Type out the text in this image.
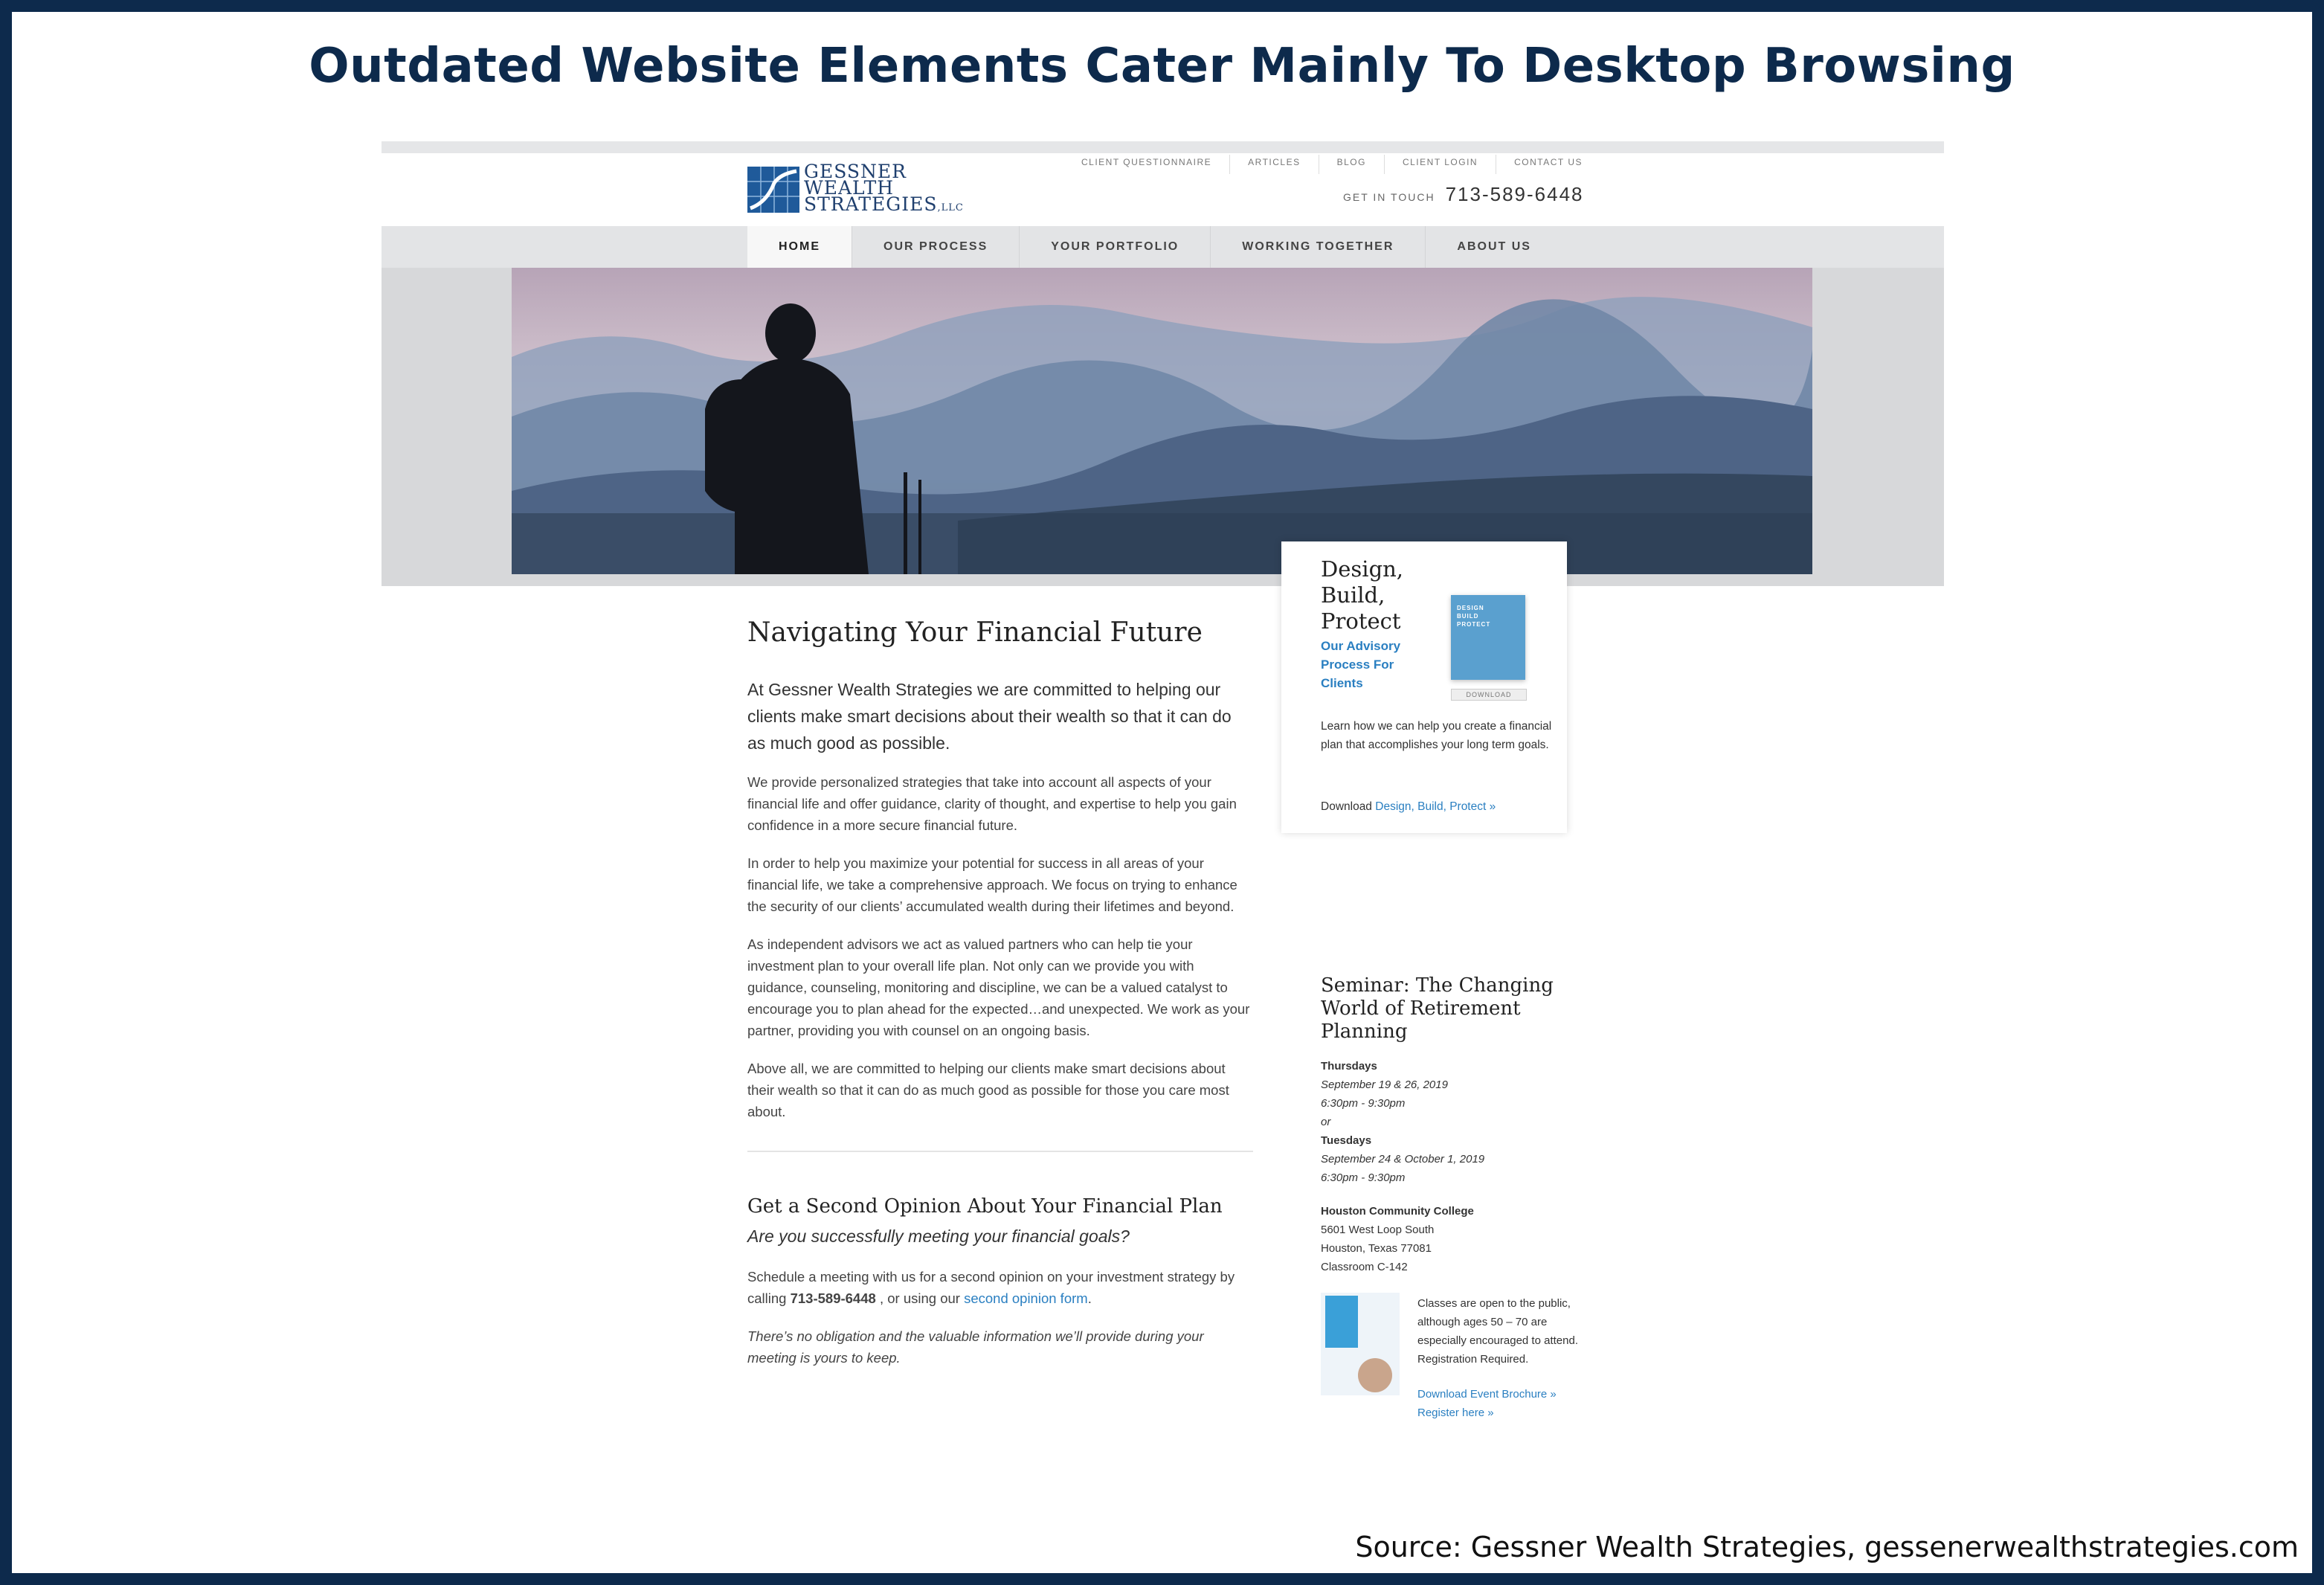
Outdated Website Elements Cater Mainly To Desktop Browsing
GESSNER
WEALTH
STRATEGIES,LLC
CLIENT QUESTIONNAIRE	ARTICLES	BLOG	CLIENT LOGIN	CONTACT US
GET IN TOUCH 713-589-6448
HOME	OUR PROCESS	YOUR PORTFOLIO	WORKING TOGETHER	ABOUT US
Navigating Your Financial Future

At Gessner Wealth Strategies we are committed to helping our clients make smart decisions about their wealth so that it can do as much good as possible.

We provide personalized strategies that take into account all aspects of your financial life and offer guidance, clarity of thought, and expertise to help you gain confidence in a more secure financial future.

In order to help you maximize your potential for success in all areas of your financial life, we take a comprehensive approach. We focus on trying to enhance the security of our clients’ accumulated wealth during their lifetimes and beyond.

As independent advisors we act as valued partners who can help tie your investment plan to your overall life plan. Not only can we provide you with guidance, counseling, monitoring and discipline, we can be a valued catalyst to encourage you to plan ahead for the expected…and unexpected. We work as your partner, providing you with counsel on an ongoing basis.

Above all, we are committed to helping our clients make smart decisions about their wealth so that it can do as much good as possible for those you care most about.

Get a Second Opinion About Your Financial Plan
Are you successfully meeting your financial goals?

Schedule a meeting with us for a second opinion on your investment strategy by calling 713-589-6448 , or using our second opinion form.

There’s no obligation and the valuable information we’ll provide during your meeting is yours to keep.

Design,
Build,
Protect
Our Advisory Process For Clients
DESIGN
BUILD
PROTECT
DOWNLOAD
Learn how we can help you create a financial plan that accomplishes your long term goals.
Download Design, Build, Protect »
Seminar: The Changing World of Retirement Planning
Thursdays
September 19 & 26, 2019
6:30pm - 9:30pm
or
Tuesdays
September 24 & October 1, 2019
6:30pm - 9:30pm
Houston Community College
5601 West Loop South
Houston, Texas 77081
Classroom C-142
Classes are open to the public, although ages 50 – 70 are especially encouraged to attend. Registration Required.
Download Event Brochure »
Register here »
Source: Gessner Wealth Strategies, gessenerwealthstrategies.com
